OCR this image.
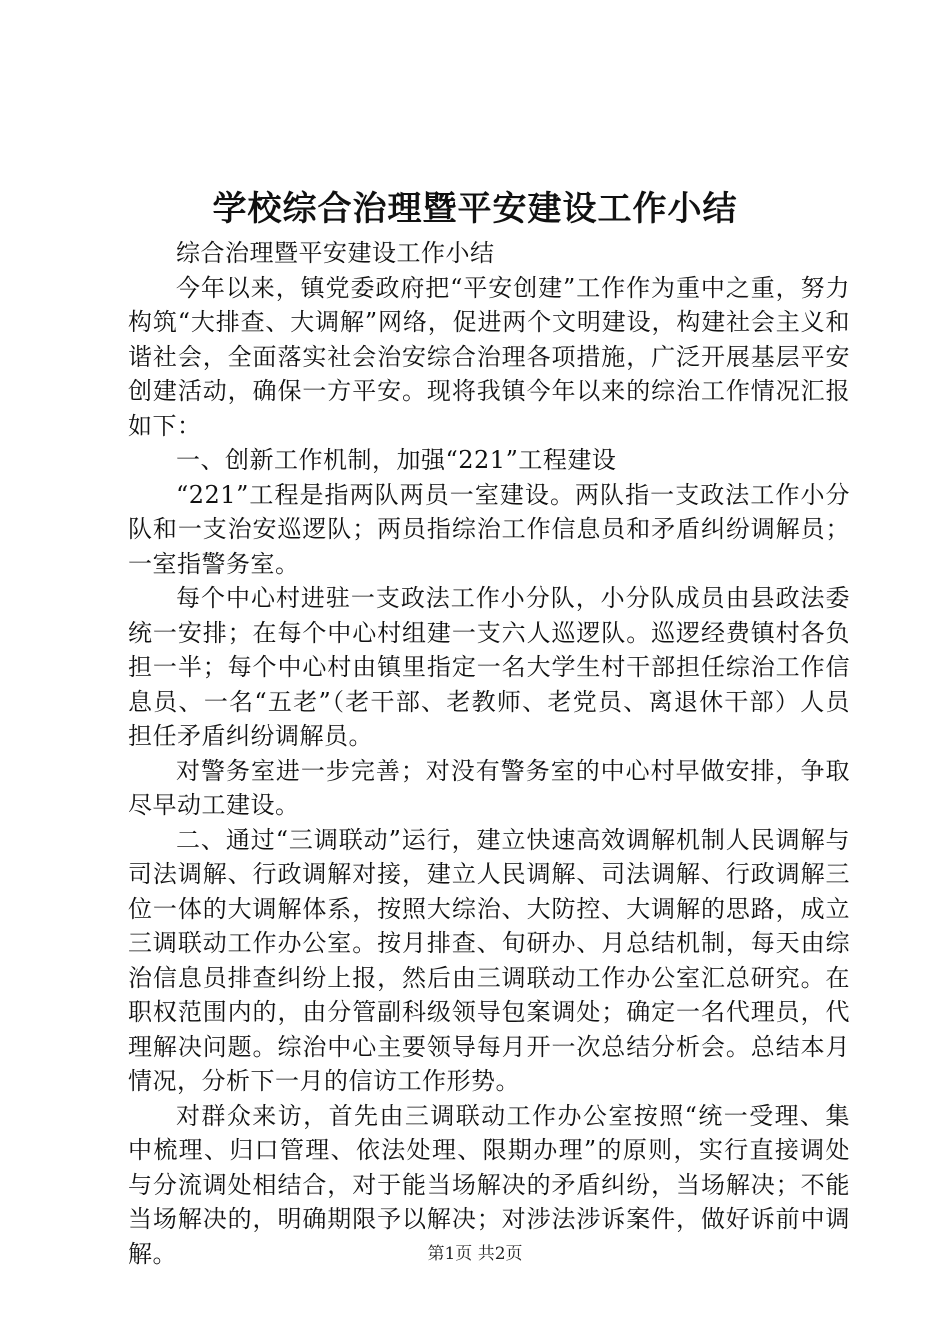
学校综合治理暨平安建设工作小结

综合治理暨平安建设工作小结

今年以来，镇党委政府把“平安创建”工作作为重中之重，努力构筑“大排查、大调解”网络，促进两个文明建设，构建社会主义和谐社会，全面落实社会治安综合治理各项措施，广泛开展基层平安创建活动，确保一方平安。现将我镇今年以来的综治工作情况汇报如下：

一、创新工作机制，加强“221”工程建设

“221”工程是指两队两员一室建设。两队指一支政法工作小分队和一支治安巡逻队；两员指综治工作信息员和矛盾纠纷调解员；一室指警务室。

每个中心村进驻一支政法工作小分队，小分队成员由县政法委统一安排；在每个中心村组建一支六人巡逻队。巡逻经费镇村各负担一半；每个中心村由镇里指定一名大学生村干部担任综治工作信息员、一名“五老”（老干部、老教师、老党员、离退休干部）人员担任矛盾纠纷调解员。

对警务室进一步完善；对没有警务室的中心村早做安排，争取尽早动工建设。

二、通过“三调联动”运行，建立快速高效调解机制人民调解与司法调解、行政调解对接，建立人民调解、司法调解、行政调解三位一体的大调解体系，按照大综治、大防控、大调解的思路，成立三调联动工作办公室。按月排查、旬研办、月总结机制，每天由综治信息员排查纠纷上报，然后由三调联动工作办公室汇总研究。在职权范围内的，由分管副科级领导包案调处；确定一名代理员，代理解决问题。综治中心主要领导每月开一次总结分析会。总结本月情况，分析下一月的信访工作形势。

对群众来访，首先由三调联动工作办公室按照“统一受理、集中梳理、归口管理、依法处理、限期办理”的原则，实行直接调处与分流调处相结合，对于能当场解决的矛盾纠纷，当场解决；不能当场解决的，明确期限予以解决；对涉法涉诉案件，做好诉前中调解。	第1页 共2页
